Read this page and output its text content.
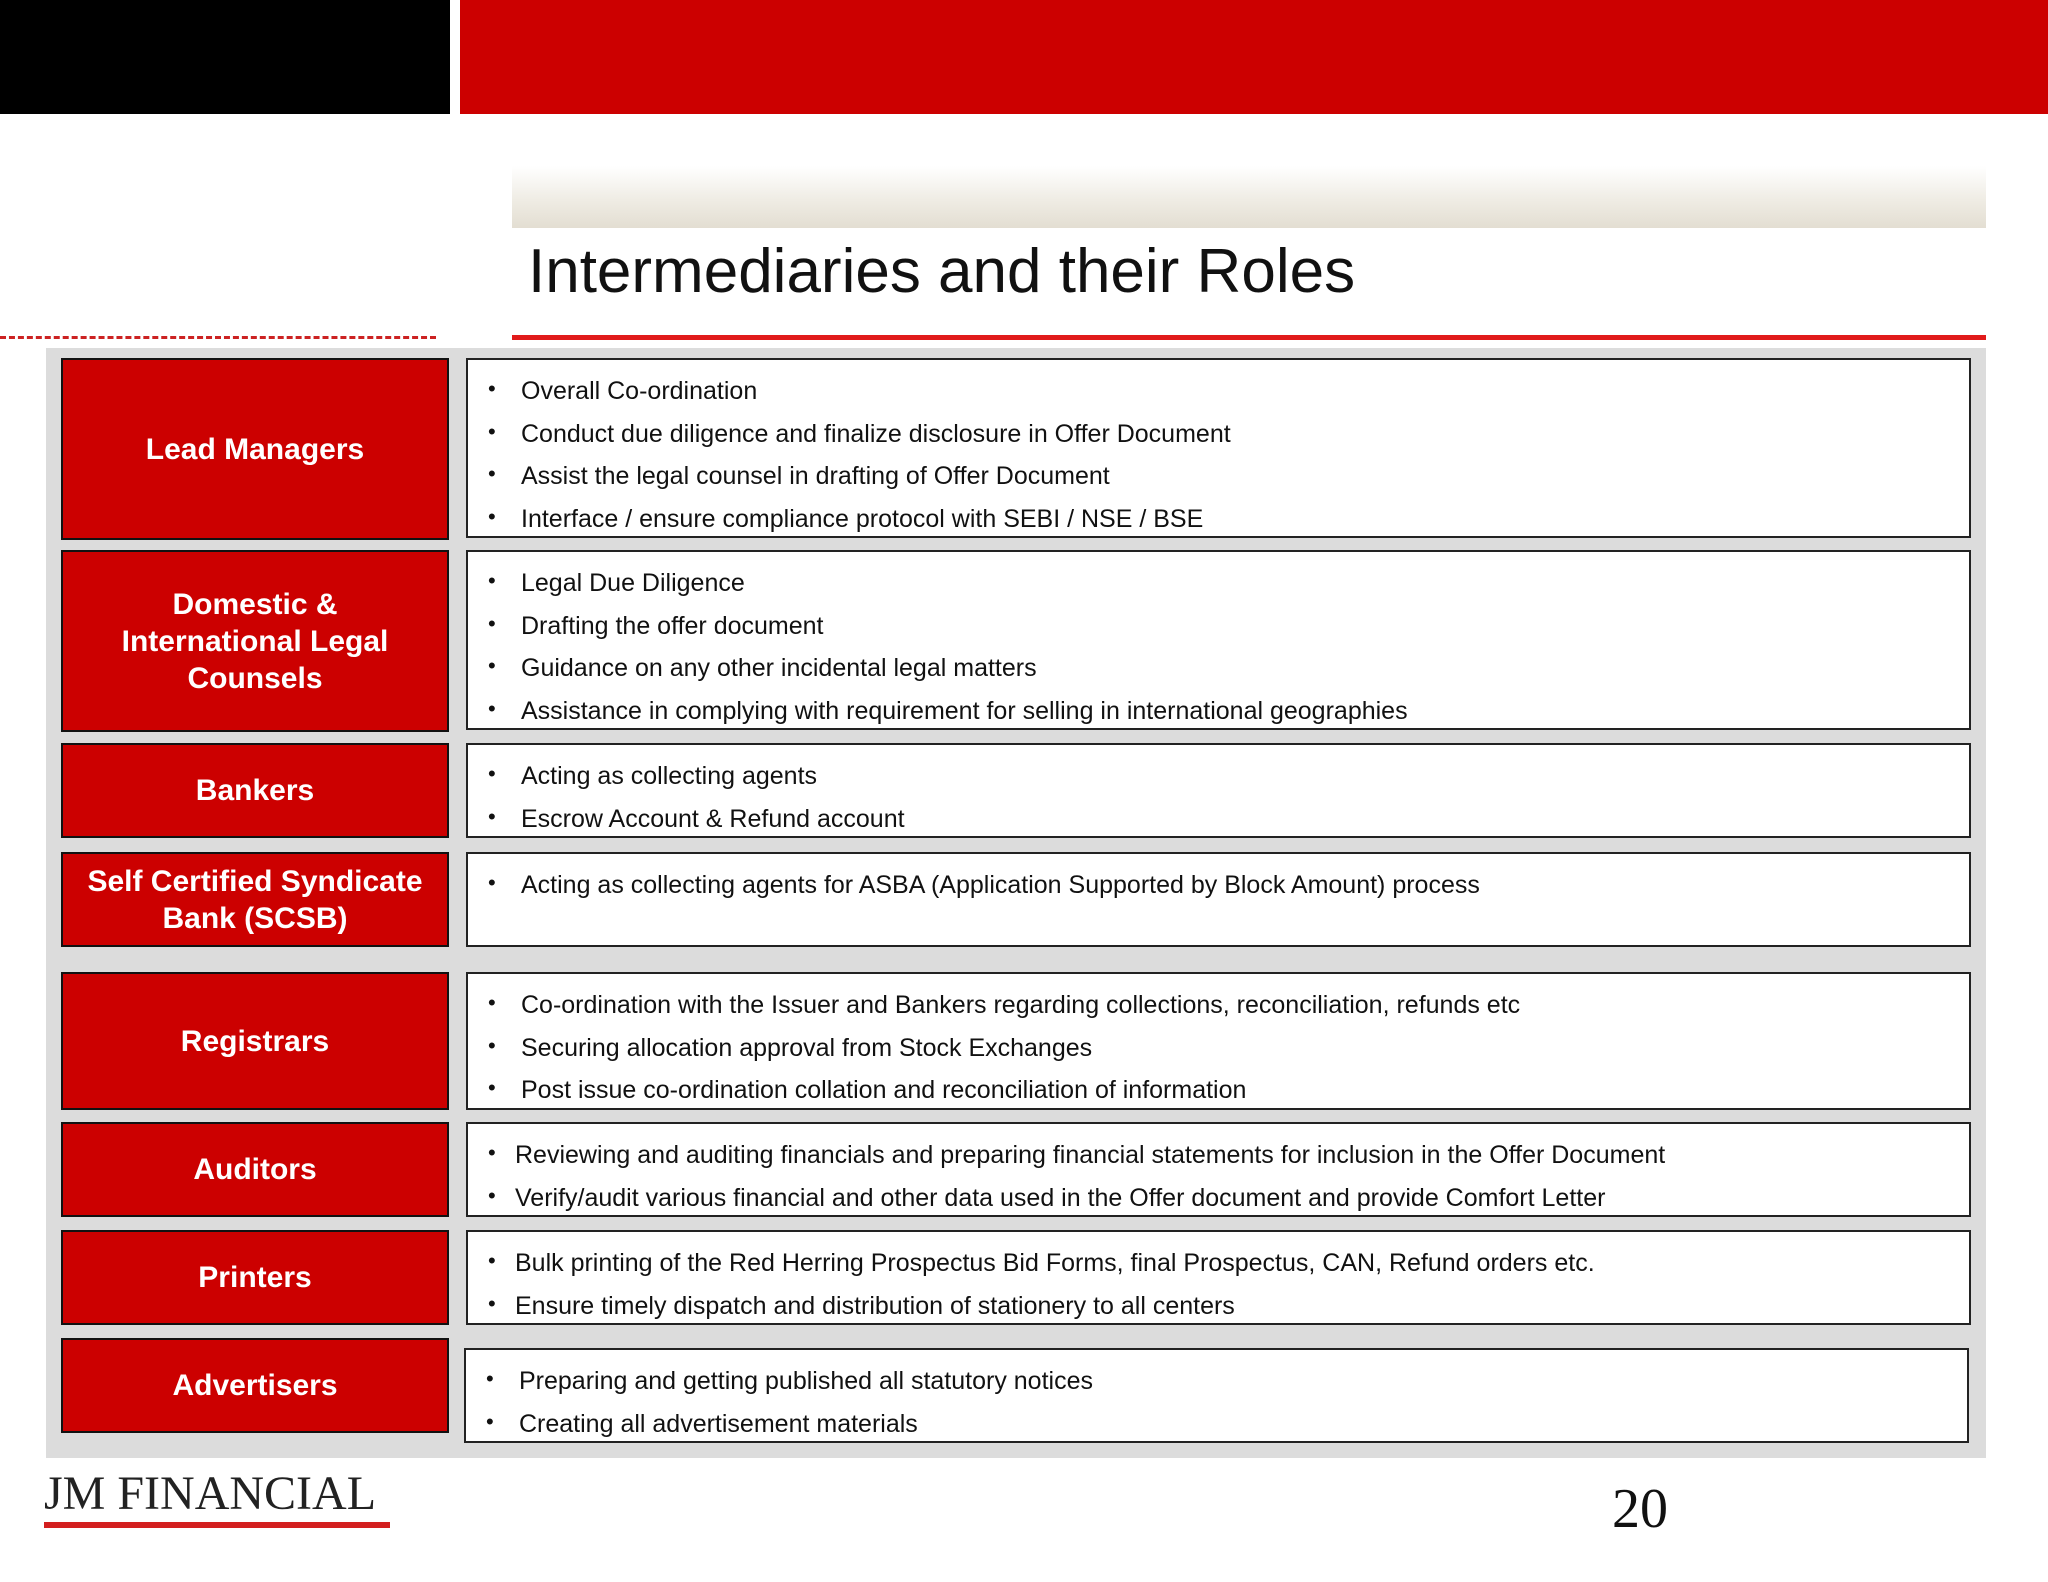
Intermediaries and their Roles
Lead Managers
• Overall Co-ordination
• Conduct due diligence and finalize disclosure in Offer Document
• Assist the legal counsel in drafting of Offer Document
• Interface / ensure compliance protocol with SEBI / NSE / BSE
Domestic & International Legal Counsels
• Legal Due Diligence
• Drafting the offer document
• Guidance on any other incidental legal matters
• Assistance in complying with requirement for selling in international geographies
Bankers	• Acting as collecting agents
• Escrow Account & Refund account
Self Certified Syndicate Bank (SCSB)
• Acting as collecting agents for ASBA (Application Supported by Block Amount) process
Registrars
• Co-ordination with the Issuer and Bankers regarding collections, reconciliation, refunds etc
• Securing allocation approval from Stock Exchanges
• Post issue co-ordination collation and reconciliation of information
Auditors	• Reviewing and auditing financials and preparing financial statements for inclusion in the Offer Document
• Verify/audit various financial and other data used in the Offer document and provide Comfort Letter
Printers	• Bulk printing of the Red Herring Prospectus Bid Forms, final Prospectus, CAN, Refund orders etc.
• Ensure timely dispatch and distribution of stationery to all centers
Advertisers	• Preparing and getting published all statutory notices
• Creating all advertisement materials
JM FINANCIAL	20
